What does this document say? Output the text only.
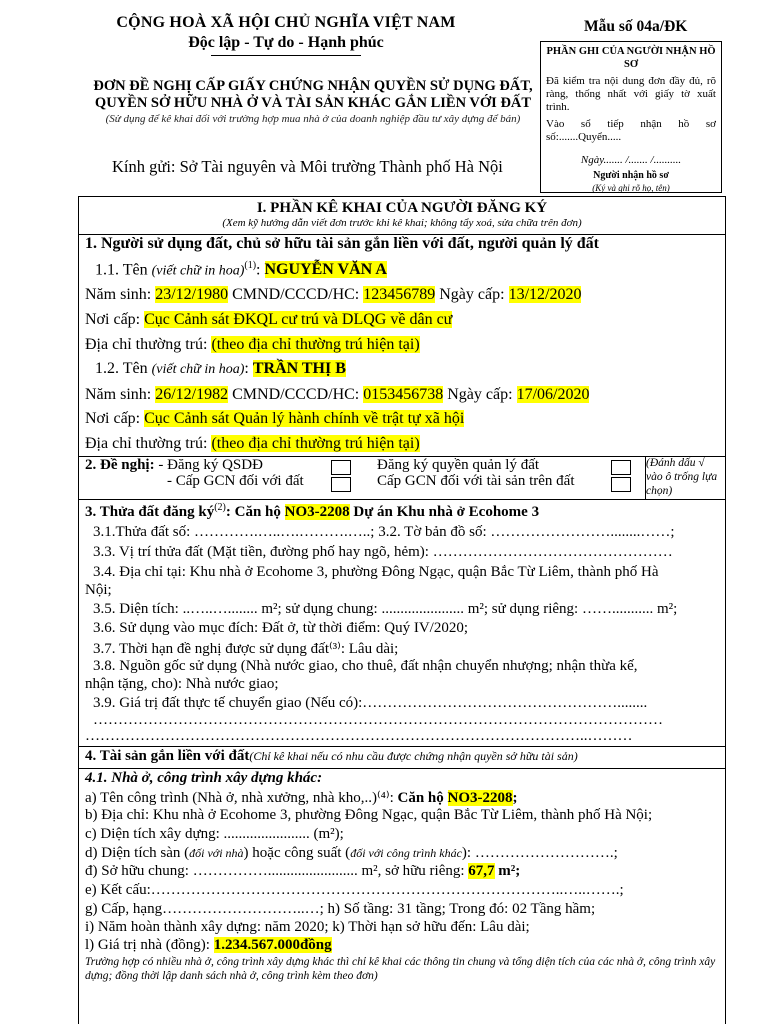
CỘNG HOÀ XÃ HỘI CHỦ NGHĨA VIỆT NAM
Độc lập - Tự do - Hạnh phúc
Mẫu số 04a/ĐK
PHẦN GHI CỦA NGƯỜI NHẬN HỒ SƠ

Đã kiểm tra nội dung đơn đầy đủ, rõ ràng, thống nhất với giấy tờ xuất trình.

Vào sổ tiếp nhận hồ sơ số:.......Quyển.....

Ngày....... /....... /..........
Người nhận hồ sơ
(Ký và ghi rõ họ, tên)
ĐƠN ĐỀ NGHỊ CẤP GIẤY CHỨNG NHẬN QUYỀN SỬ DỤNG ĐẤT,
QUYỀN SỞ HỮU NHÀ Ở VÀ TÀI SẢN KHÁC GẮN LIỀN VỚI ĐẤT
(Sử dụng để kê khai đối với trường hợp mua nhà ở của doanh nghiệp đầu tư xây dựng để bán)
Kính gửi: Sở Tài nguyên và Môi trường Thành phố Hà Nội
I. PHẦN KÊ KHAI CỦA NGƯỜI ĐĂNG KÝ
(Xem kỹ hướng dẫn viết đơn trước khi kê khai; không tẩy xoá, sửa chữa trên đơn)
1. Người sử dụng đất, chủ sở hữu tài sản gắn liền với đất, người quản lý đất
1.1. Tên (viết chữ in hoa)$^{(1)}$: NGUYỄN VĂN A
Năm sinh: 23/12/1980 CMND/CCCD/HC: 123456789 Ngày cấp: 13/12/2020
Nơi cấp: Cục Cảnh sát ĐKQL cư trú và DLQG về dân cư
Địa chỉ thường trú: (theo địa chỉ thường trú hiện tại)
1.2. Tên (viết chữ in hoa): TRẦN THỊ B
Năm sinh: 26/12/1982 CMND/CCCD/HC: 0153456738 Ngày cấp: 17/06/2020
Nơi cấp: Cục Cảnh sát Quản lý hành chính về trật tự xã hội
Địa chỉ thường trú: (theo địa chỉ thường trú hiện tại)
2. Đề nghị: - Đăng ký QSDĐ	Đăng ký quyền quản lý đất
- Cấp GCN đối với đất	Cấp GCN đối với tài sản trên đất
(Đánh dấu √ vào ô trống lựa chọn)
3. Thửa đất đăng $ký^{(2)}$: Căn hộ NO3-2208 Dự án Khu nhà ở Ecohome 3
3.1.Thửa đất số: ………….…..….……….…..; 3.2. Tờ bản đồ số: ……………………........……;
3.3. Vị trí thửa đất (Mặt tiền, đường phố hay ngõ, hẻm): …………………………………………
3.4. Địa chỉ tại: Khu nhà ở Ecohome 3, phường Đông Ngạc, quận Bắc Từ Liêm, thành phố Hà
Nội;
3.5. Diện tích: ..…..…........ m²; sử dụng chung: ...................... m²; sử dụng riêng: ……........... m²;
3.6. Sử dụng vào mục đích: Đất ở, từ thời điểm: Quý IV/2020;
3.7. Thời hạn đề nghị được sử dụng đất⁽³⁾: Lâu dài;
3.8. Nguồn gốc sử dụng (Nhà nước giao, cho thuê, đất nhận chuyển nhượng; nhận thừa kế,
nhận tặng, cho): Nhà nước giao;
3.9. Giá trị đất thực tế chuyển giao (Nếu có):……………………………………………........
……………………………………………………………………………………………………
………………………………………………………………………………………..………
4. Tài sản gắn liền với đất(Chỉ kê khai nếu có nhu cầu được chứng nhận quyền sở hữu tài sản)
4.1. Nhà ở, công trình xây dựng khác:
a) Tên công trình (Nhà ở, nhà xưởng, nhà kho,..)⁽⁴⁾: Căn hộ NO3-2208;
b) Địa chỉ: Khu nhà ở Ecohome 3, phường Đông Ngạc, quận Bắc Từ Liêm, thành phố Hà Nội;
c) Diện tích xây dựng: ....................... (m²);
d) Diện tích sàn (đối với nhà) hoặc công suất (đối với công trình khác): ……………………….;
đ) Sở hữu chung: ……………........................ m², sở hữu riêng: 67,7 m²;
e) Kết cấu:………………………………………………………………………..…..…….;
g) Cấp, hạng………………………..…; h) Số tầng: 31 tầng; Trong đó: 02 Tầng hầm;
i) Năm hoàn thành xây dựng: năm 2020; k) Thời hạn sở hữu đến: Lâu dài;
l) Giá trị nhà (đồng): 1.234.567.000đồng
Trường hợp có nhiều nhà ở, công trình xây dựng khác thì chỉ kê khai các thông tin chung và tổng diện tích của các nhà ở, công trình xây dựng; đồng thời lập danh sách nhà ở, công trình kèm theo đơn)
